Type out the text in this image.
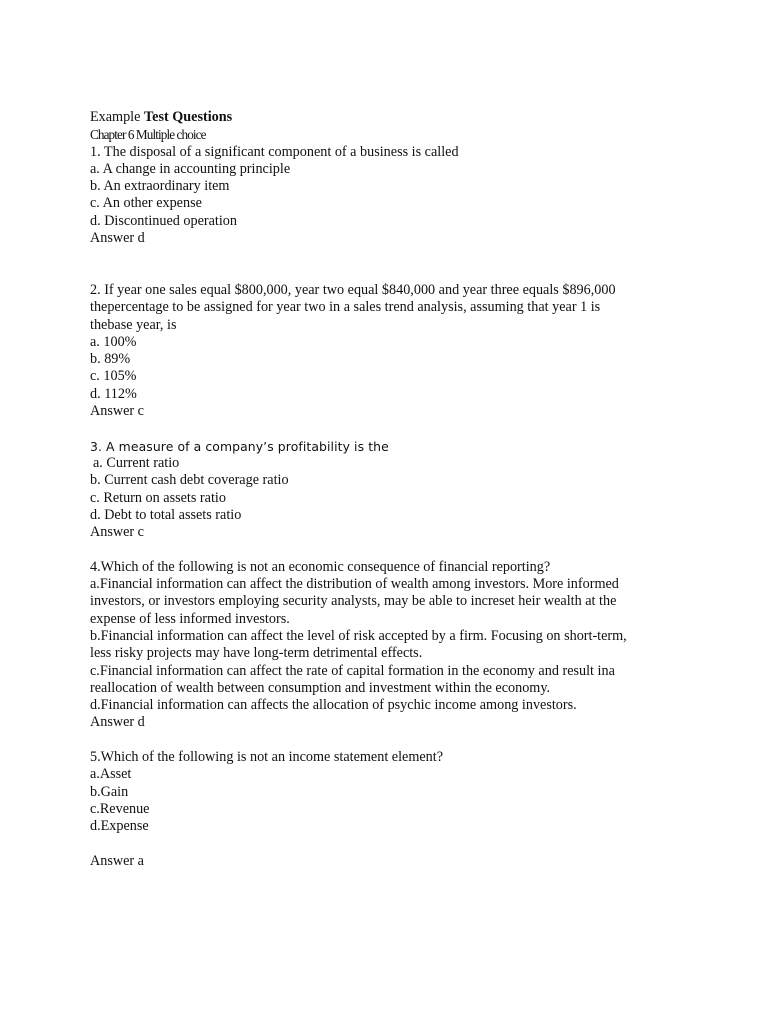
Example Test Questions
Chapter 6 Multiple choice
1. The disposal of a significant component of a business is called
a. A change in accounting principle
b. An extraordinary item
c. An other expense
d. Discontinued operation
Answer d
2. If year one sales equal $800,000, year two equal $840,000 and year three equals $896,000
thepercentage to be assigned for year two in a sales trend analysis, assuming that year 1 is
thebase year, is
a. 100%
b. 89%
c. 105%
d. 112%
Answer c
3. A measure of a company’s profitability is the
a. Current ratio
b. Current cash debt coverage ratio
c. Return on assets ratio
d. Debt to total assets ratio
Answer c
4.Which of the following is not an economic consequence of financial reporting?
a.Financial information can affect the distribution of wealth among investors. More informed
investors, or investors employing security analysts, may be able to increset heir wealth at the
expense of less informed investors.
b.Financial information can affect the level of risk accepted by a firm. Focusing on short-term,
less risky projects may have long-term detrimental effects.
c.Financial information can affect the rate of capital formation in the economy and result ina
reallocation of wealth between consumption and investment within the economy.
d.Financial information can affects the allocation of psychic income among investors.
Answer d
5.Which of the following is not an income statement element?
a.Asset
b.Gain
c.Revenue
d.Expense
Answer a
